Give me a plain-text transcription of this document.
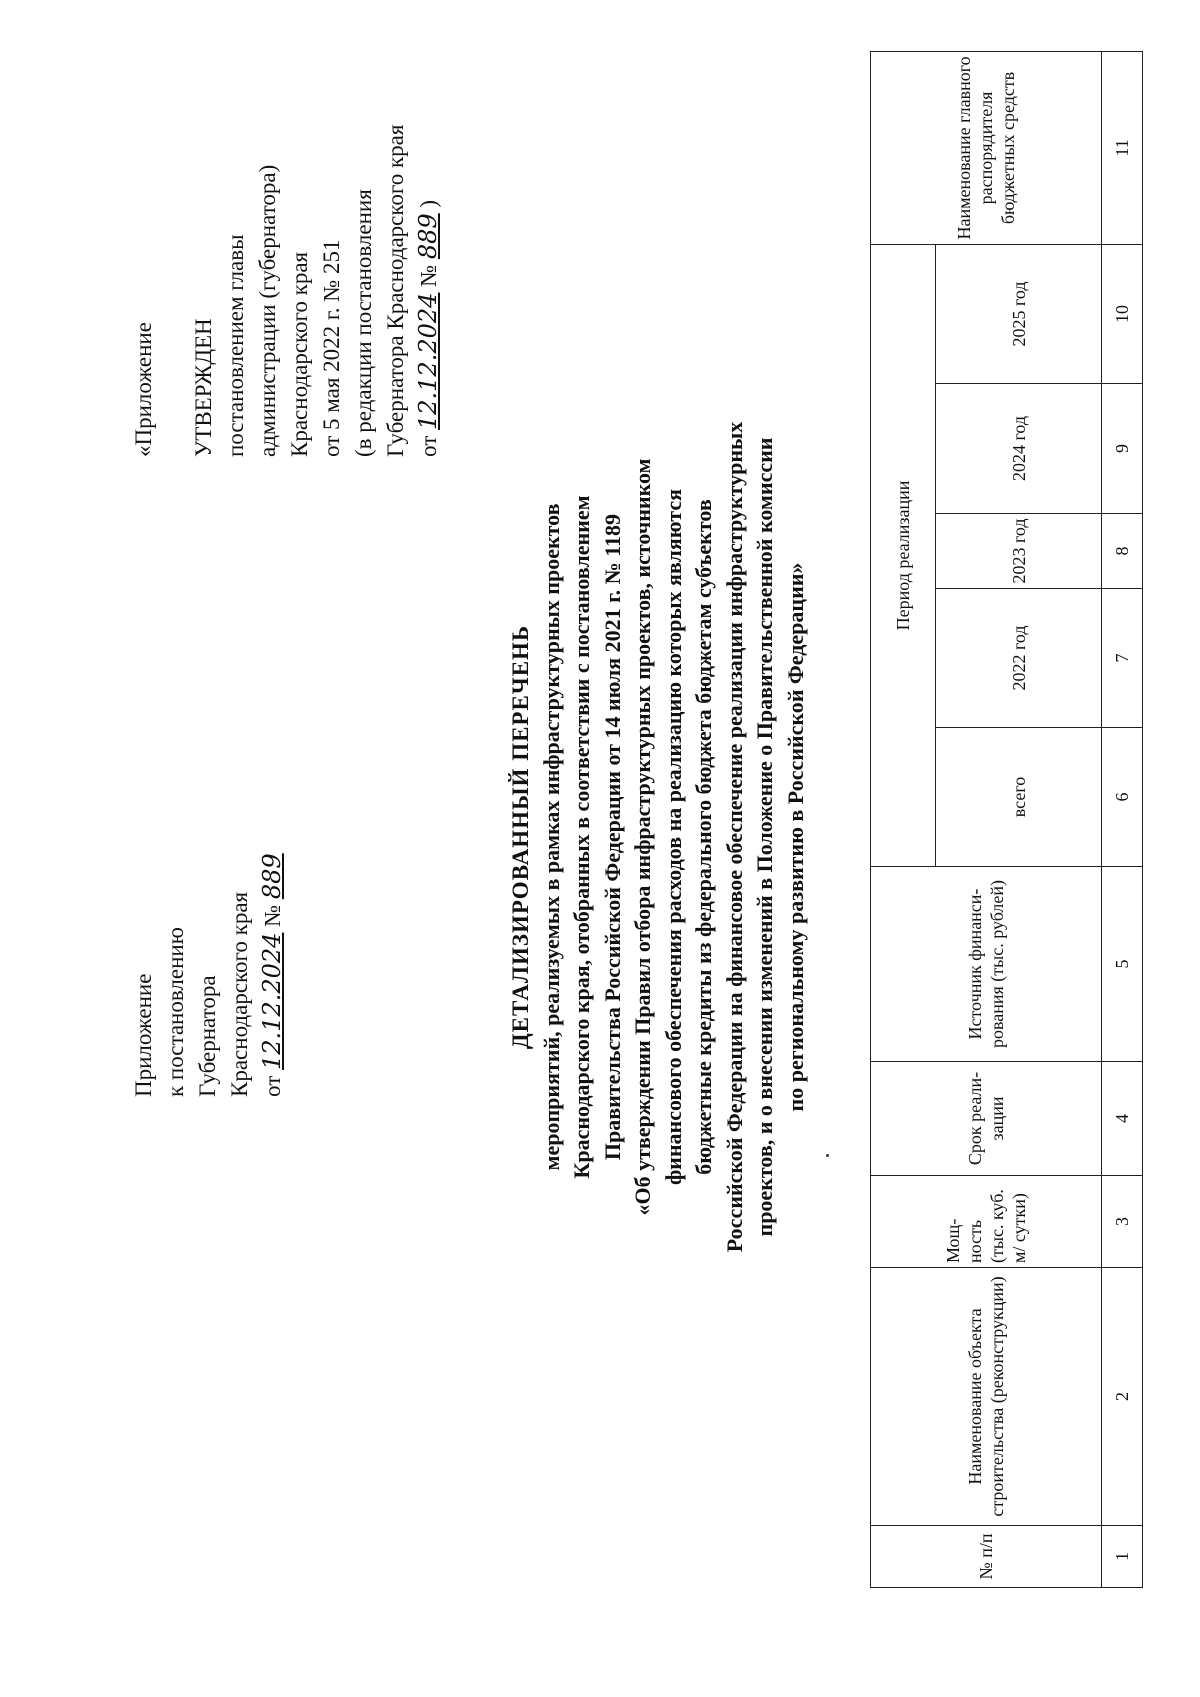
Приложение к постановлению Губернатора Краснодарского края от 12.12.2024 № 889
«Приложение УТВЕРЖДЕН постановлением главы администрации (губернатора) Краснодарского края от 5 мая 2022 г. № 251 (в редакции постановления Губернатора Краснодарского края от 12.12.2024 № 889 )
ДЕТАЛИЗИРОВАННЫЙ ПЕРЕЧЕНЬ мероприятий, реализуемых в рамках инфраструктурных проектов Краснодарского края, отобранных в соответствии с постановлением Правительства Российской Федерации от 14 июля 2021 г. № 1189 «Об утверждении Правил отбора инфраструктурных проектов, источником финансового обеспечения расходов на реализацию которых являются бюджетные кредиты из федерального бюджета бюджетам субъектов Российской Федерации на финансовое обеспечение реализации инфраструктурных проектов, и о внесении изменений в Положение о Правительственной комиссии по региональному развитию в Российской Федерации»
№ п/п	Наименование объекта строительства (реконструкции)	Мощ-ность (тыс. куб. м/ сутки)	Срок реали-зации	Источник финанси-рования (тыс. рублей)	Период реализации					Наименование главного распорядителя бюджетных средств
					всего	2022 год	2023 год	2024 год	2025 год	
1	2	3	4	5	6	7	8	9	10	11
